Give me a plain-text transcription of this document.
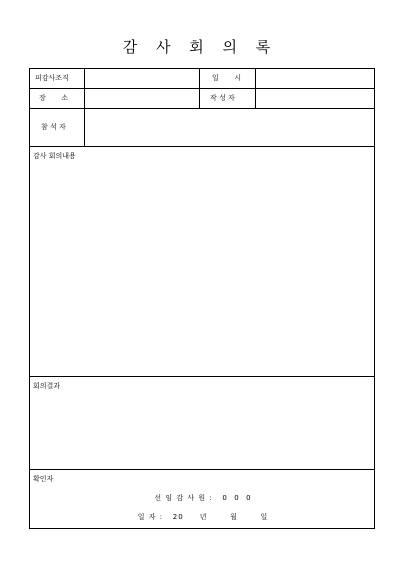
감 사 회 의 록
피감사조직	일       시
장       소	작 성 자
참 석 자
감사 회의내용
회의결과
확인자
선 임 감 사 원 :   0  0  0
일 자 :   20     년       월       일
